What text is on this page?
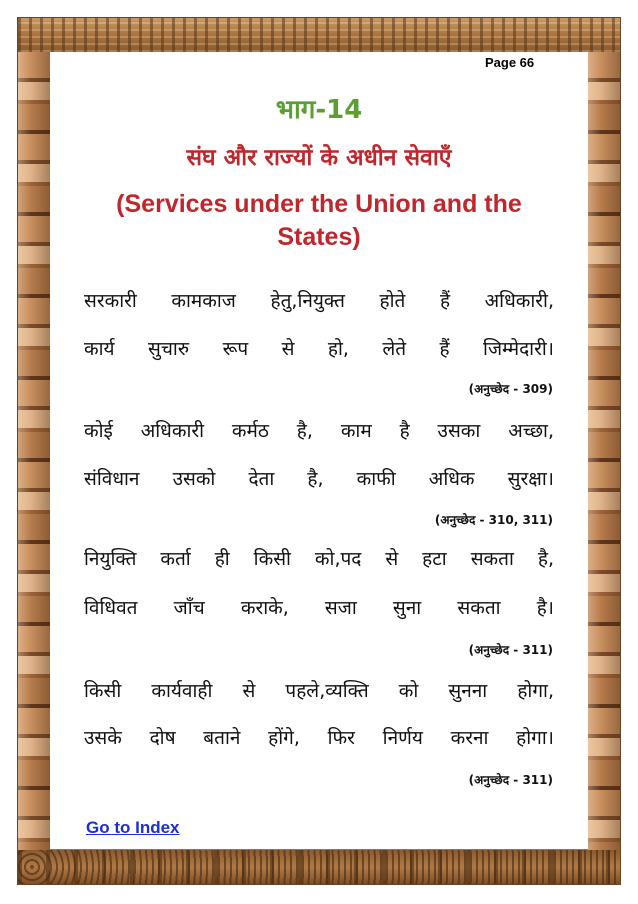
Page 66
भाग-14
संघ और राज्यों के अधीन सेवाएँ
(Services under the Union and the States)
सरकारी कामकाज हेतु,नियुक्त होते हैं अधिकारी,
कार्य सुचारु रूप से हो, लेते हैं जिम्मेदारी।
(अनुच्छेद - 309)
कोई अधिकारी कर्मठ है, काम है उसका अच्छा,
संविधान उसको देता है, काफी अधिक सुरक्षा।
(अनुच्छेद - 310, 311)
नियुक्ति कर्ता ही किसी को,पद से हटा सकता है,
विधिवत जाँच कराके, सजा सुना सकता है।
(अनुच्छेद - 311)
किसी कार्यवाही से पहले,व्यक्ति को सुनना होगा,
उसके दोष बताने होंगे, फिर निर्णय करना होगा।
(अनुच्छेद - 311)
Go to Index
